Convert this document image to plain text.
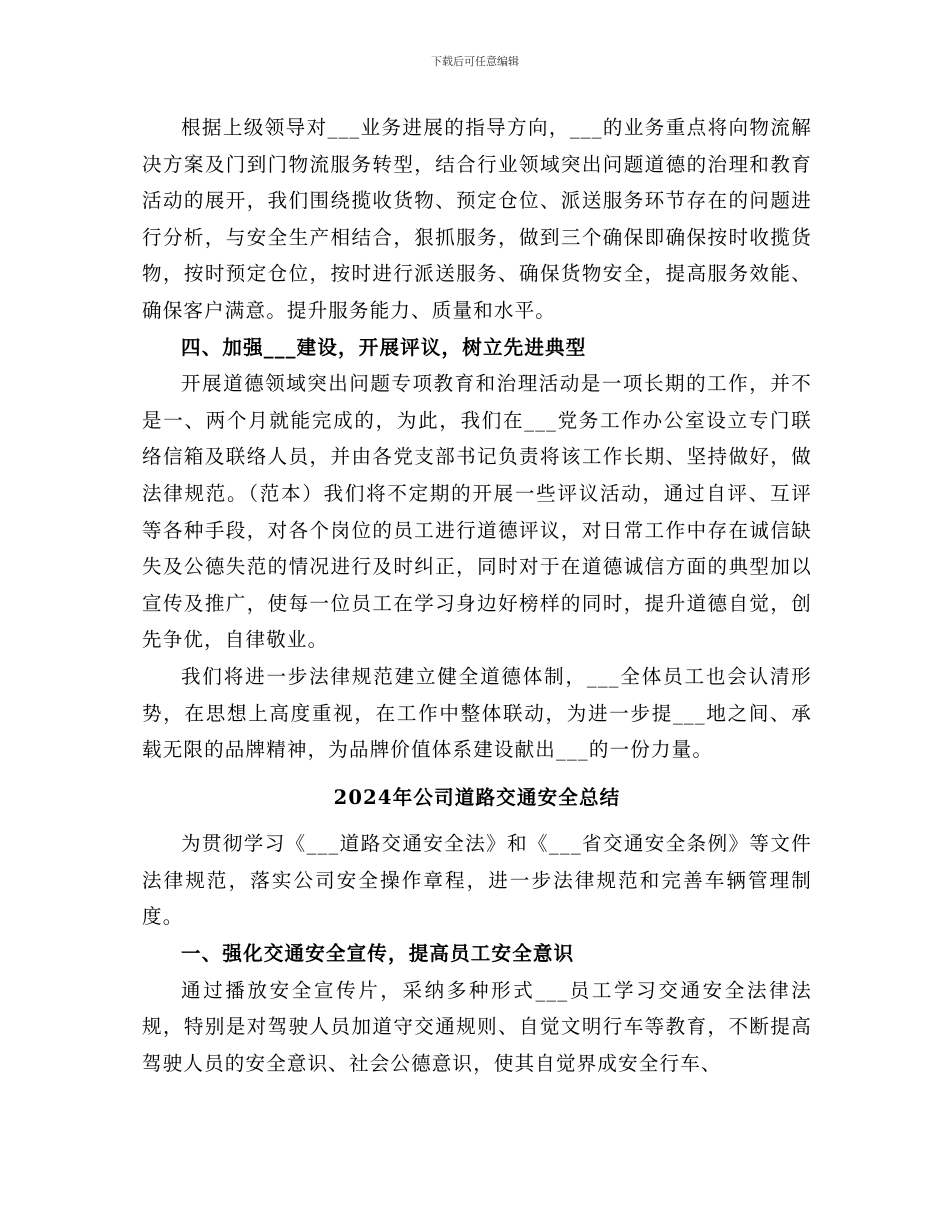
下载后可任意编辑

根据上级领导对___业务进展的指导方向，___的业务重点将向物流解决方案及门到门物流服务转型，结合行业领域突出问题道德的治理和教育活动的展开，我们围绕揽收货物、预定仓位、派送服务环节存在的问题进行分析，与安全生产相结合，狠抓服务，做到三个确保即确保按时收揽货物，按时预定仓位，按时进行派送服务、确保货物安全，提高服务效能、确保客户满意。提升服务能力、质量和水平。

四、加强___建设，开展评议，树立先进典型

开展道德领域突出问题专项教育和治理活动是一项长期的工作，并不是一、两个月就能完成的，为此，我们在___党务工作办公室设立专门联络信箱及联络人员，并由各党支部书记负责将该工作长期、坚持做好，做法律规范。（范本）我们将不定期的开展一些评议活动，通过自评、互评等各种手段，对各个岗位的员工进行道德评议，对日常工作中存在诚信缺失及公德失范的情况进行及时纠正，同时对于在道德诚信方面的典型加以宣传及推广，使每一位员工在学习身边好榜样的同时，提升道德自觉，创先争优，自律敬业。

我们将进一步法律规范建立健全道德体制，___全体员工也会认清形势，在思想上高度重视，在工作中整体联动，为进一步提___地之间、承载无限的品牌精神，为品牌价值体系建设献出___的一份力量。

2024年公司道路交通安全总结

为贯彻学习《___道路交通安全法》和《___省交通安全条例》等文件法律规范，落实公司安全操作章程，进一步法律规范和完善车辆管理制度。

一、强化交通安全宣传，提高员工安全意识

通过播放安全宣传片，采纳多种形式___员工学习交通安全法律法规，特别是对驾驶人员加道守交通规则、自觉文明行车等教育，不断提高驾驶人员的安全意识、社会公德意识，使其自觉界成安全行车、
